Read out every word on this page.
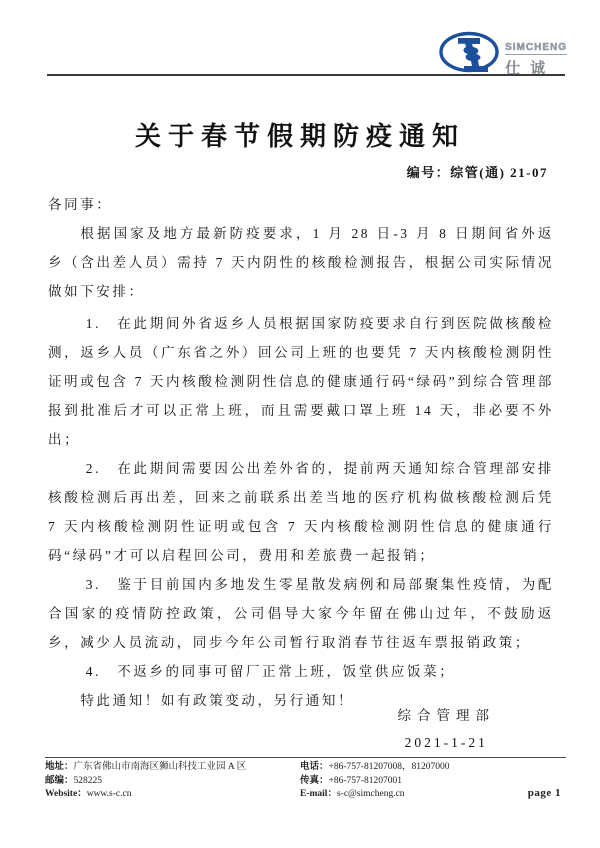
SIMCHENG
仕诚
关于春节假期防疫通知
编号：综管(通) 21-07

各同事：

根据国家及地方最新防疫要求，1 月 28 日-3 月 8 日期间省外返乡（含出差人员）需持 7 天内阴性的核酸检测报告，根据公司实际情况做如下安排：

1.　在此期间外省返乡人员根据国家防疫要求自行到医院做核酸检测，返乡人员（广东省之外）回公司上班的也要凭 7 天内核酸检测阴性证明或包含 7 天内核酸检测阴性信息的健康通行码“绿码”到综合管理部报到批准后才可以正常上班，而且需要戴口罩上班 14 天，非必要不外出；

2.　在此期间需要因公出差外省的，提前两天通知综合管理部安排核酸检测后再出差，回来之前联系出差当地的医疗机构做核酸检测后凭 7 天内核酸检测阴性证明或包含 7 天内核酸检测阴性信息的健康通行码“绿码”才可以启程回公司，费用和差旅费一起报销；

3.　鉴于目前国内多地发生零星散发病例和局部聚集性疫情，为配合国家的疫情防控政策，公司倡导大家今年留在佛山过年，不鼓励返乡，减少人员流动，同步今年公司暂行取消春节往返车票报销政策；

4.　不返乡的同事可留厂正常上班，饭堂供应饭菜；

特此通知！如有政策变动，另行通知！

综合管理部
2021-1-21
地址：广东省佛山市南海区狮山科技工业园 A 区
邮编：528225
Website：www.s-c.cn
电话：+86-757-81207008，81207000
传真：+86-757-81207001
E-mail：s-c@simcheng.cn	page 1
